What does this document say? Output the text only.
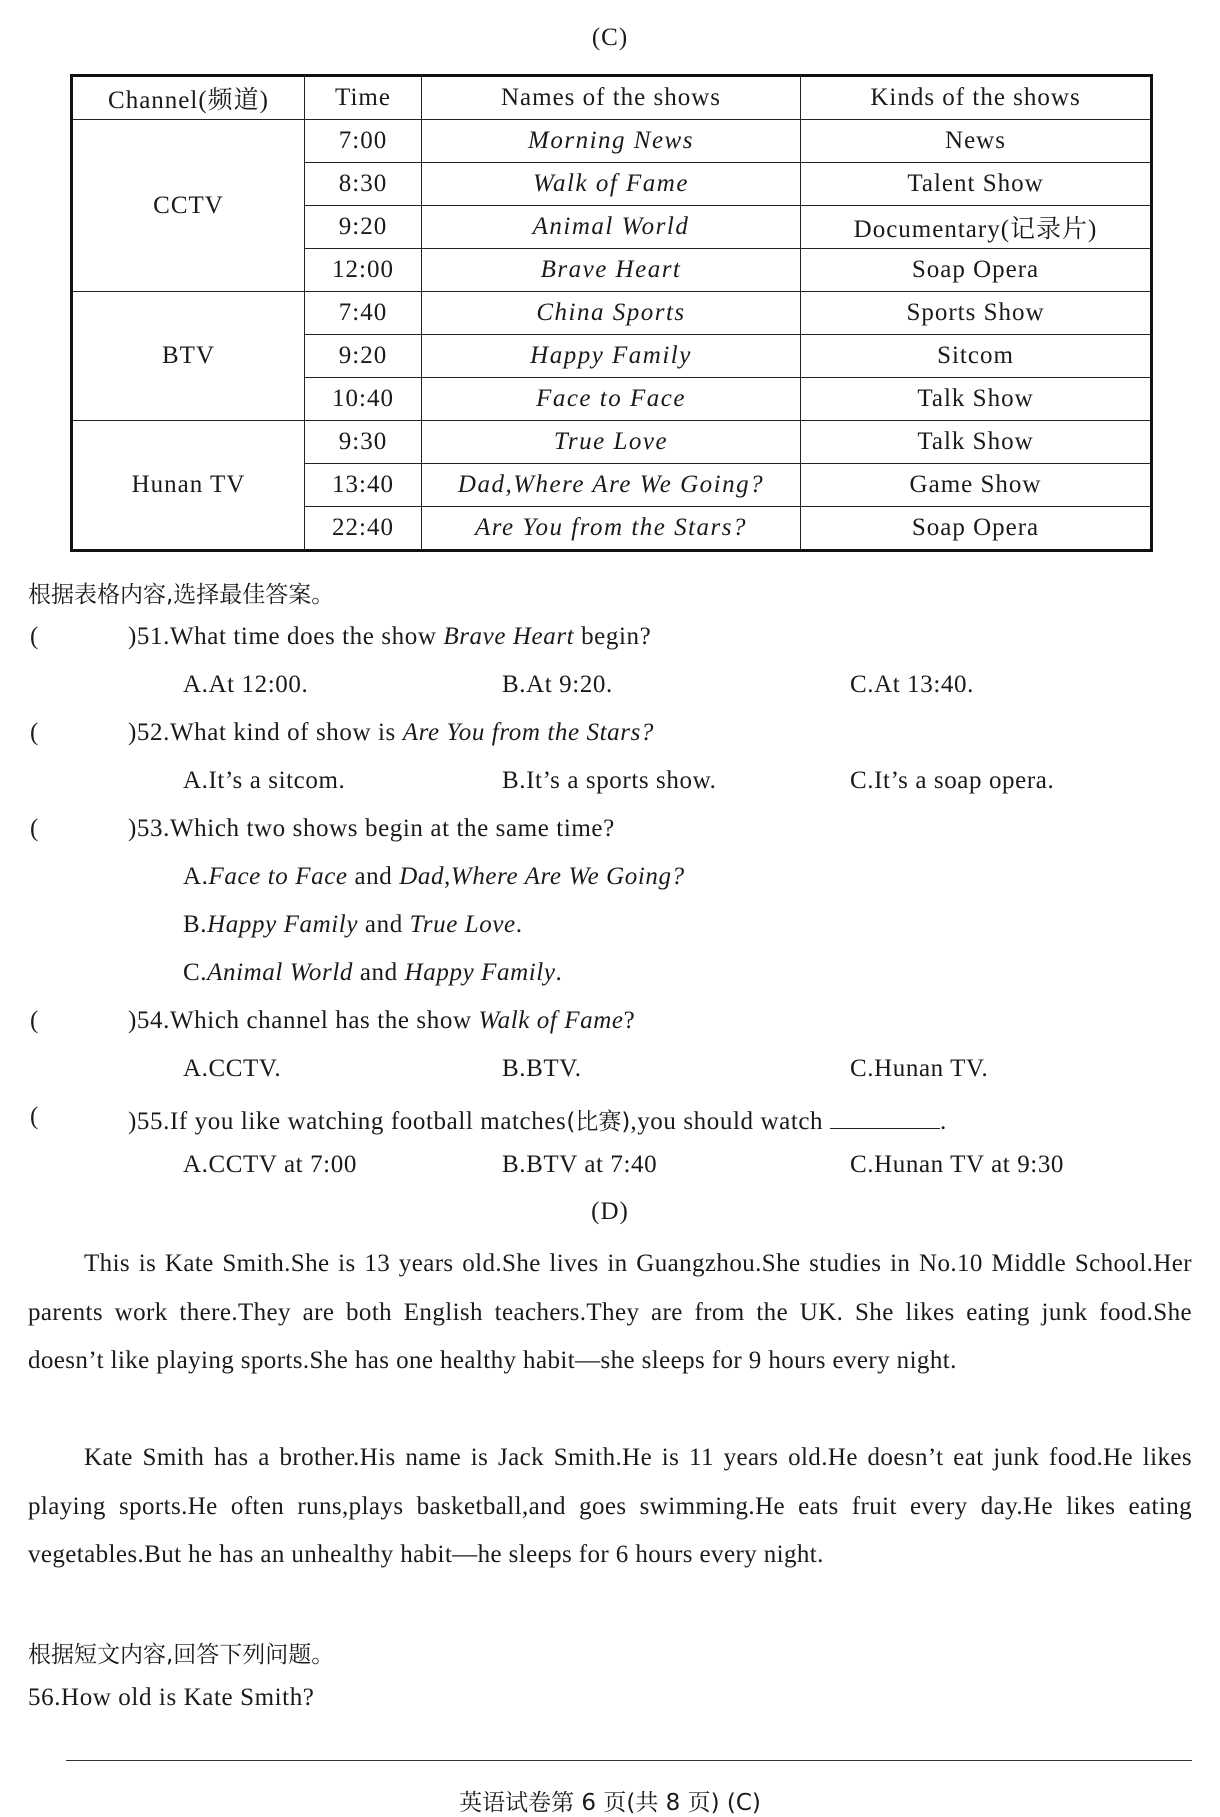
(C)
Channel(频道)	Time	Names of the shows	Kinds of the shows
CCTV	7:00	Morning News	News
	8:30	Walk of Fame	Talent Show
	9:20	Animal World	Documentary(记录片)
	12:00	Brave Heart	Soap Opera
BTV	7:40	China Sports	Sports Show
	9:20	Happy Family	Sitcom
	10:40	Face to Face	Talk Show
Hunan TV	9:30	True Love	Talk Show
	13:40	Dad,Where Are We Going?	Game Show
	22:40	Are You from the Stars?	Soap Opera
根据表格内容,选择最佳答案。
(	)51.What time does the show Brave Heart begin?
A.At 12:00.	B.At 9:20.	C.At 13:40.
(	)52.What kind of show is Are You from the Stars?
A.It’s a sitcom.	B.It’s a sports show.	C.It’s a soap opera.
(	)53.Which two shows begin at the same time?
A.Face to Face and Dad,Where Are We Going?
B.Happy Family and True Love.
C.Animal World and Happy Family.
(	)54.Which channel has the show Walk of Fame?
A.CCTV.	B.BTV.	C.Hunan TV.
(	)55.If you like watching football matches(比赛),you should watch	.
A.CCTV at 7:00	B.BTV at 7:40	C.Hunan TV at 9:30
(D)
This is Kate Smith.She is 13 years old.She lives in Guangzhou.She studies in No.10 Middle School.Her parents work there.They are both English teachers.They are from the UK. She likes eating junk food.She doesn’t like playing sports.She has one healthy habit—she sleeps for 9 hours every night.
Kate Smith has a brother.His name is Jack Smith.He is 11 years old.He doesn’t eat junk food.He likes playing sports.He often runs,plays basketball,and goes swimming.He eats fruit every day.He likes eating vegetables.But he has an unhealthy habit—he sleeps for 6 hours every night.
根据短文内容,回答下列问题。
56.How old is Kate Smith?
英语试卷第 6 页(共 8 页) (C)
